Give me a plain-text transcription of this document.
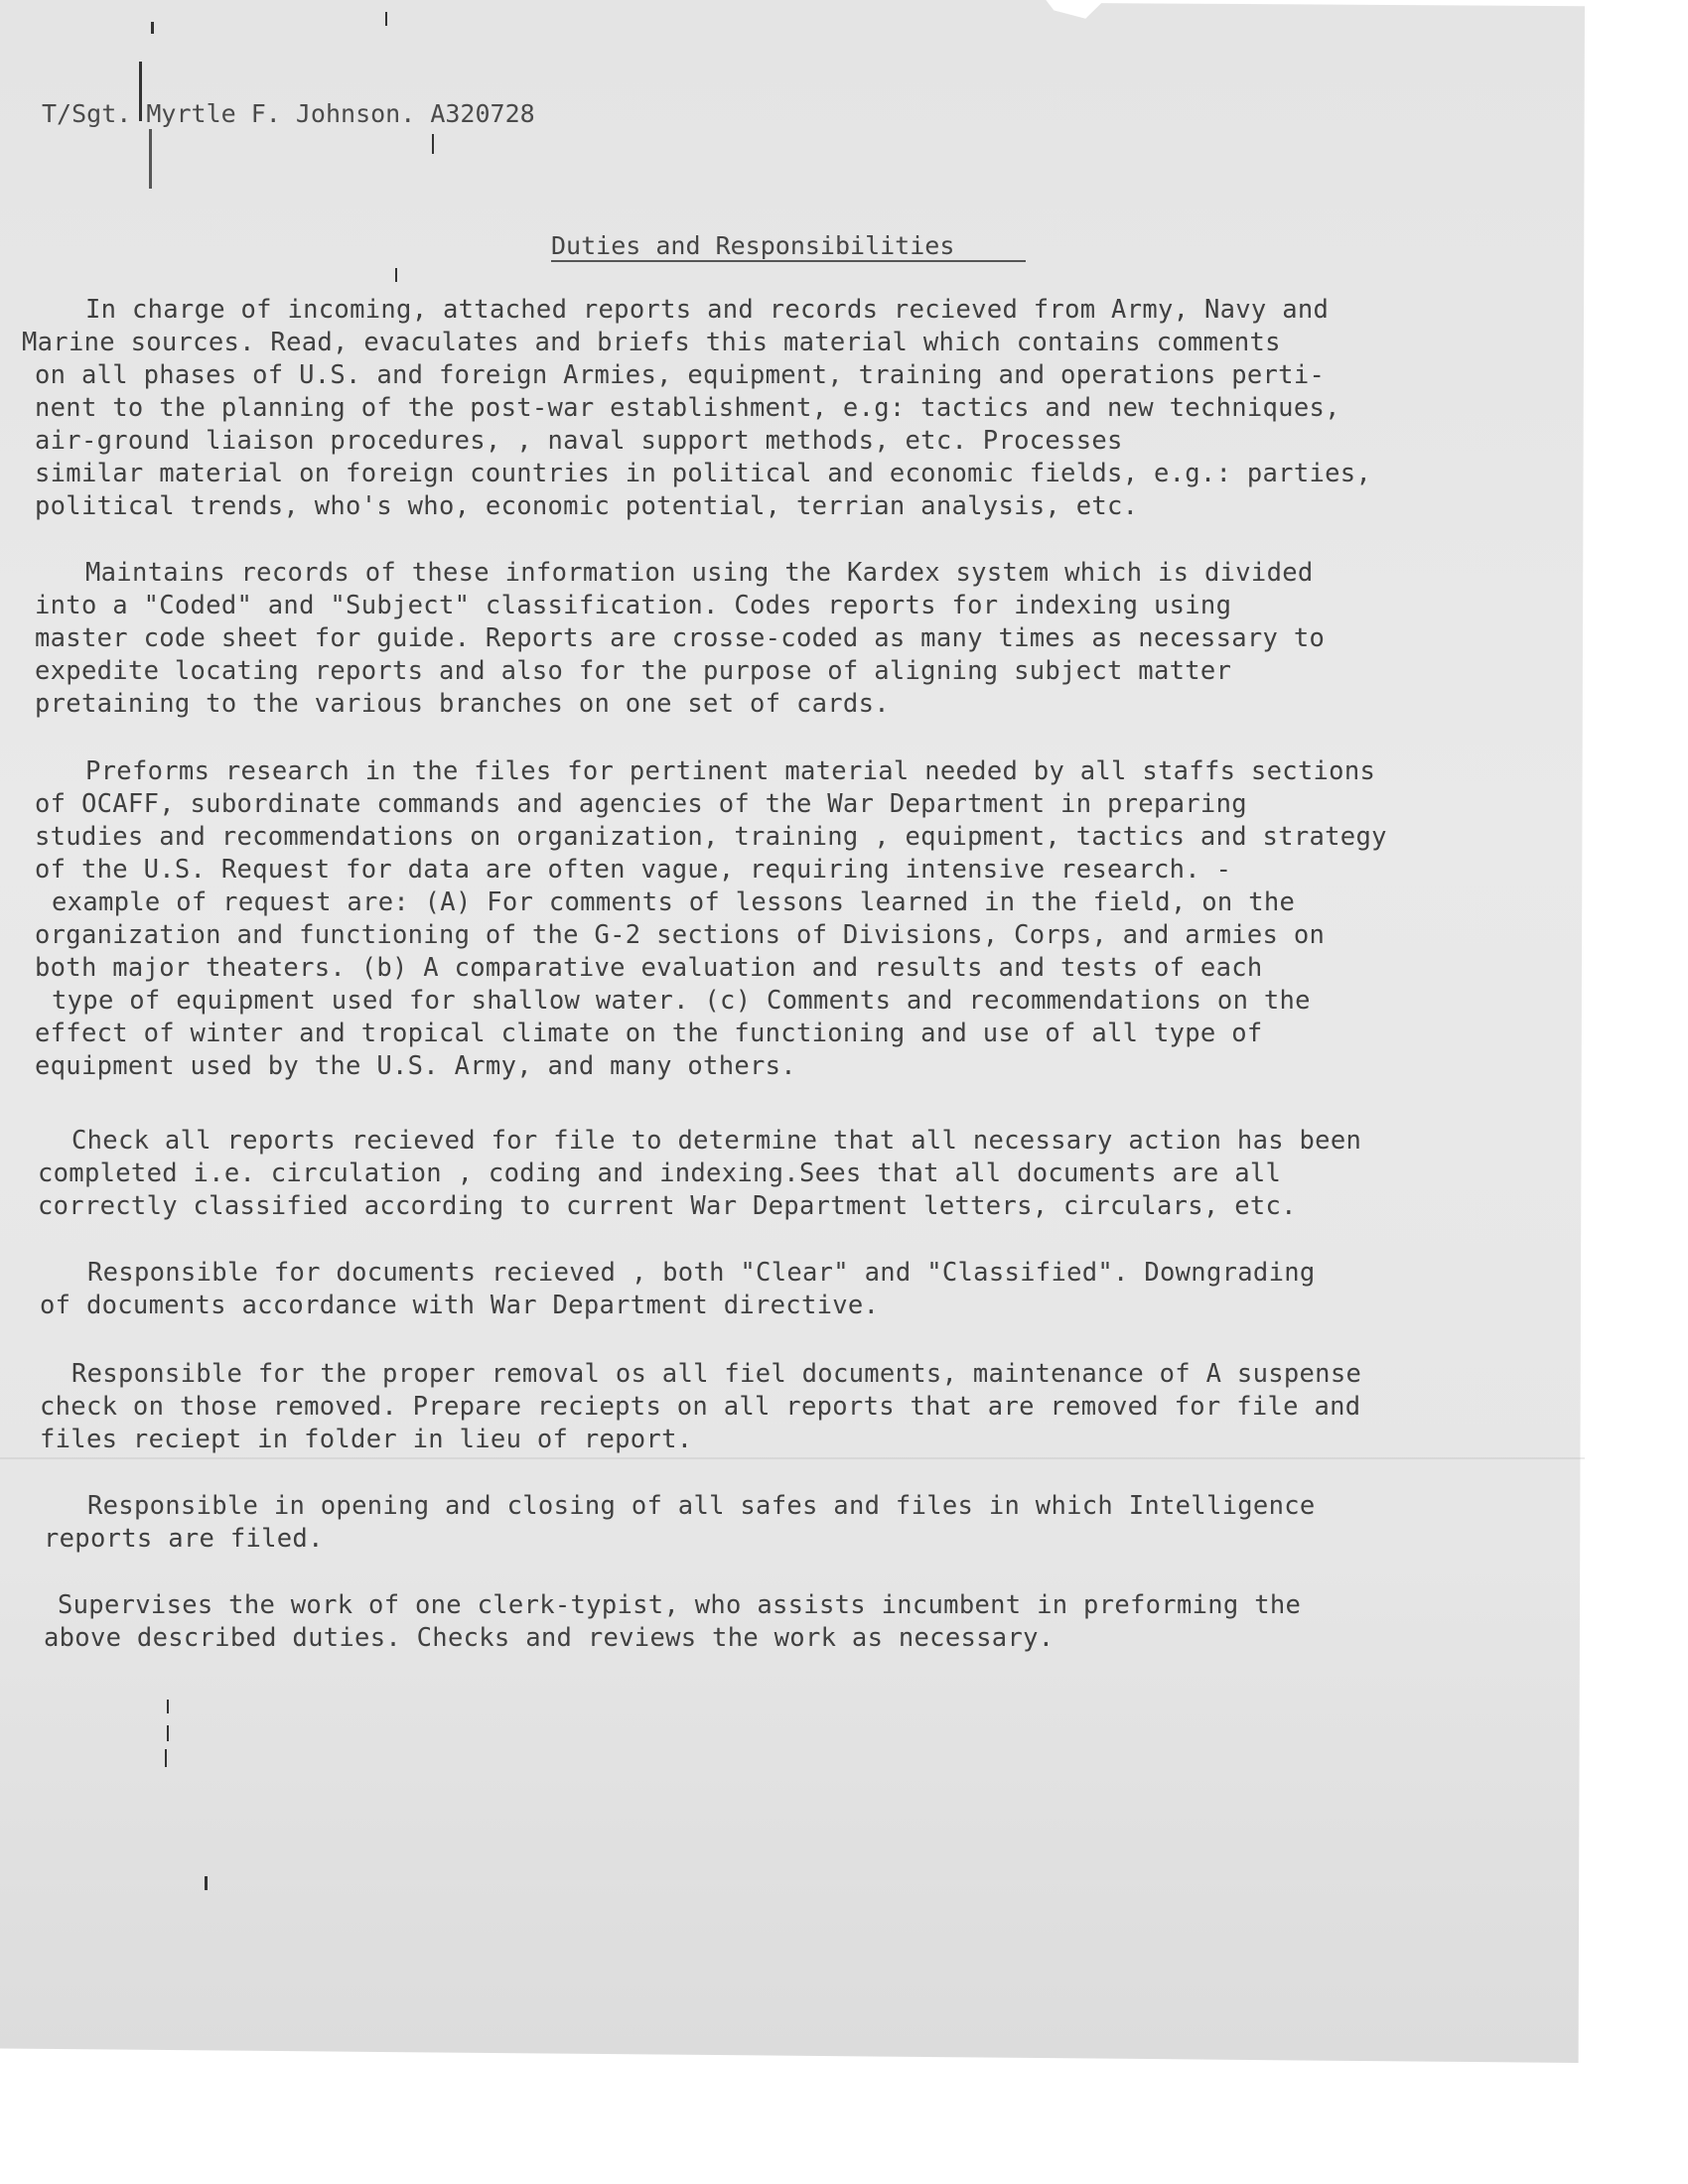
T/Sgt. Myrtle F. Johnson. A320728
Duties and Responsibilities
In charge of incoming, attached reports and records recieved from Army, Navy and
Marine sources. Read, evaculates and briefs this material which contains comments
on all phases of U.S. and foreign Armies, equipment, training and operations perti-
nent to the planning of the post-war establishment, e.g: tactics and new techniques,
air-ground liaison procedures, , naval support methods, etc. Processes
similar material on foreign countries in political and economic fields, e.g.: parties,
political trends, who's who, economic potential, terrian analysis, etc.
Maintains records of these information using the Kardex system which is divided
into a "Coded" and "Subject" classification. Codes reports for indexing using
master code sheet for guide. Reports are crosse-coded as many times as necessary to
expedite locating reports and also for the purpose of aligning subject matter
pretaining to the various branches on one set of cards.
Preforms research in the files for pertinent material needed by all staffs sections
of OCAFF, subordinate commands and agencies of the War Department in preparing
studies and recommendations on organization, training , equipment, tactics and strategy
of the U.S. Request for data are often vague, requiring intensive research. -
example of request are: (A) For comments of lessons learned in the field, on the
organization and functioning of the G-2 sections of Divisions, Corps, and armies on
both major theaters. (b) A comparative evaluation and results and tests of each
type of equipment used for shallow water. (c) Comments and recommendations on the
effect of winter and tropical climate on the functioning and use of all type of
equipment used by the U.S. Army, and many others.
Check all reports recieved for file to determine that all necessary action has been
completed i.e. circulation , coding and indexing.Sees that all documents are all
correctly classified according to current War Department letters, circulars, etc.
Responsible for documents recieved , both "Clear" and "Classified". Downgrading
of documents accordance with War Department directive.
Responsible for the proper removal os all fiel documents, maintenance of A suspense
check on those removed. Prepare reciepts on all reports that are removed for file and
files reciept in folder in lieu of report.
Responsible in opening and closing of all safes and files in which Intelligence
reports are filed.
Supervises the work of one clerk-typist, who assists incumbent in preforming the
above described duties. Checks and reviews the work as necessary.
